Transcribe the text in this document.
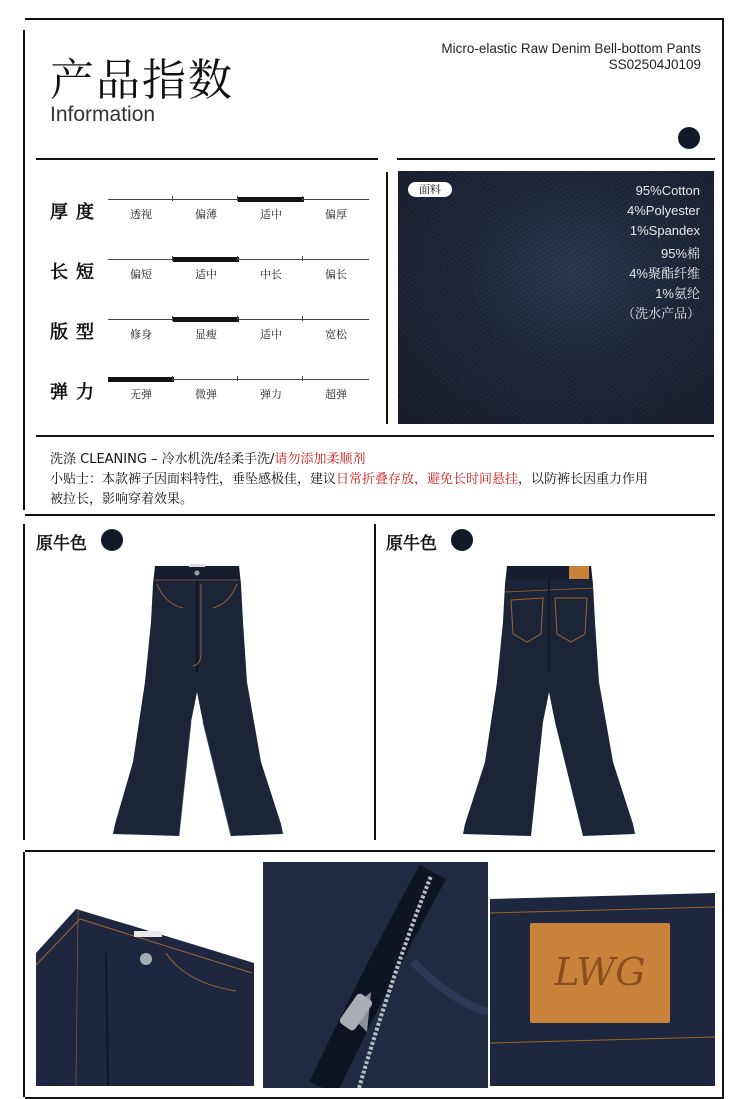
产品指数
Information
Micro-elastic Raw Denim Bell-bottom Pants
SS02504J0109
厚度	透视	偏薄	适中	偏厚
长短	偏短	适中	中长	偏长
版型	修身	显瘦	适中	宽松
弹力	无弹	微弹	弹力	超弹
面料	95%Cotton
4%Polyester
1%Spandex
95%棉
4%聚酯纤维
1%氨纶
（洗水产品）
洗涤 CLEANING – 冷水机洗/轻柔手洗/请勿添加柔顺剂
小贴士：本款裤子因面料特性，垂坠感极佳，建议日常折叠存放，避免长时间悬挂，以防裤长因重力作用
被拉长，影响穿着效果。
原牛色	原牛色
LWG
